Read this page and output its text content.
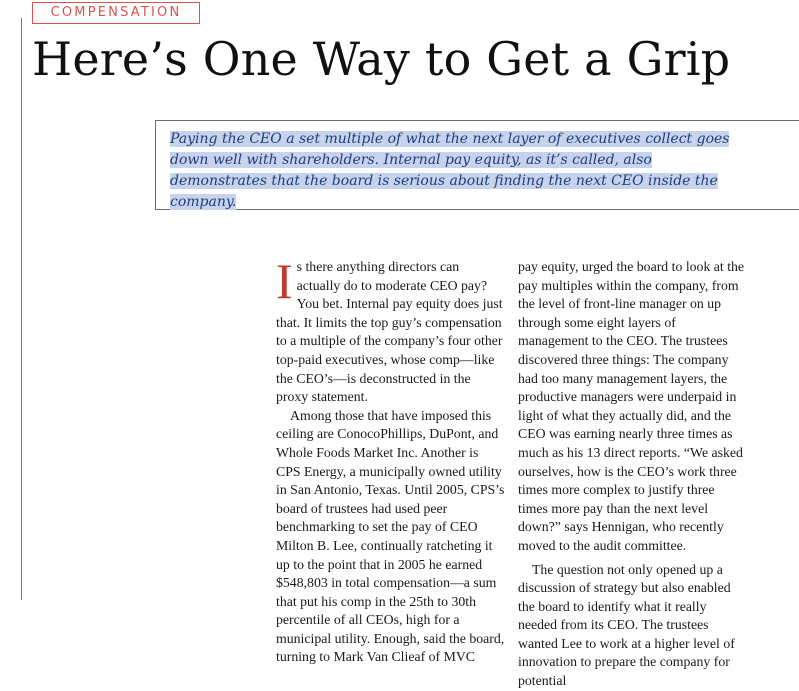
COMPENSATION
Here’s One Way to Get a Grip

Paying the CEO a set multiple of what the next layer of executives collect goes down well with shareholders. Internal pay equity, as it’s called, also demonstrates that the board is serious about finding the next CEO inside the company.

Is there anything directors can actually do to moderate CEO pay? You bet. Internal pay equity does just that. It limits the top guy’s compensation to a multiple of the company’s four other top-paid executives, whose comp—like the CEO’s—is deconstructed in the proxy statement.

Among those that have imposed this ceiling are ConocoPhillips, DuPont, and Whole Foods Market Inc. Another is CPS Energy, a municipally owned utility in San Antonio, Texas. Until 2005, CPS’s board of trustees had used peer benchmarking to set the pay of CEO Milton B. Lee, continually ratcheting it up to the point that in 2005 he earned $548,803 in total compensation—a sum that put his comp in the 25th to 30th percentile of all CEOs, high for a municipal utility. Enough, said the board, turning to Mark Van Clieaf of MVC

pay equity, urged the board to look at the pay multiples within the company, from the level of front-line manager on up through some eight layers of management to the CEO. The trustees discovered three things: The company had too many management layers, the productive managers were underpaid in light of what they actually did, and the CEO was earning nearly three times as much as his 13 direct reports. “We asked ourselves, how is the CEO’s work three times more complex to justify three times more pay than the next level down?” says Hennigan, who recently moved to the audit committee.

The question not only opened up a discussion of strategy but also enabled the board to identify what it really needed from its CEO. The trustees wanted Lee to work at a higher level of innovation to prepare the company for potential
